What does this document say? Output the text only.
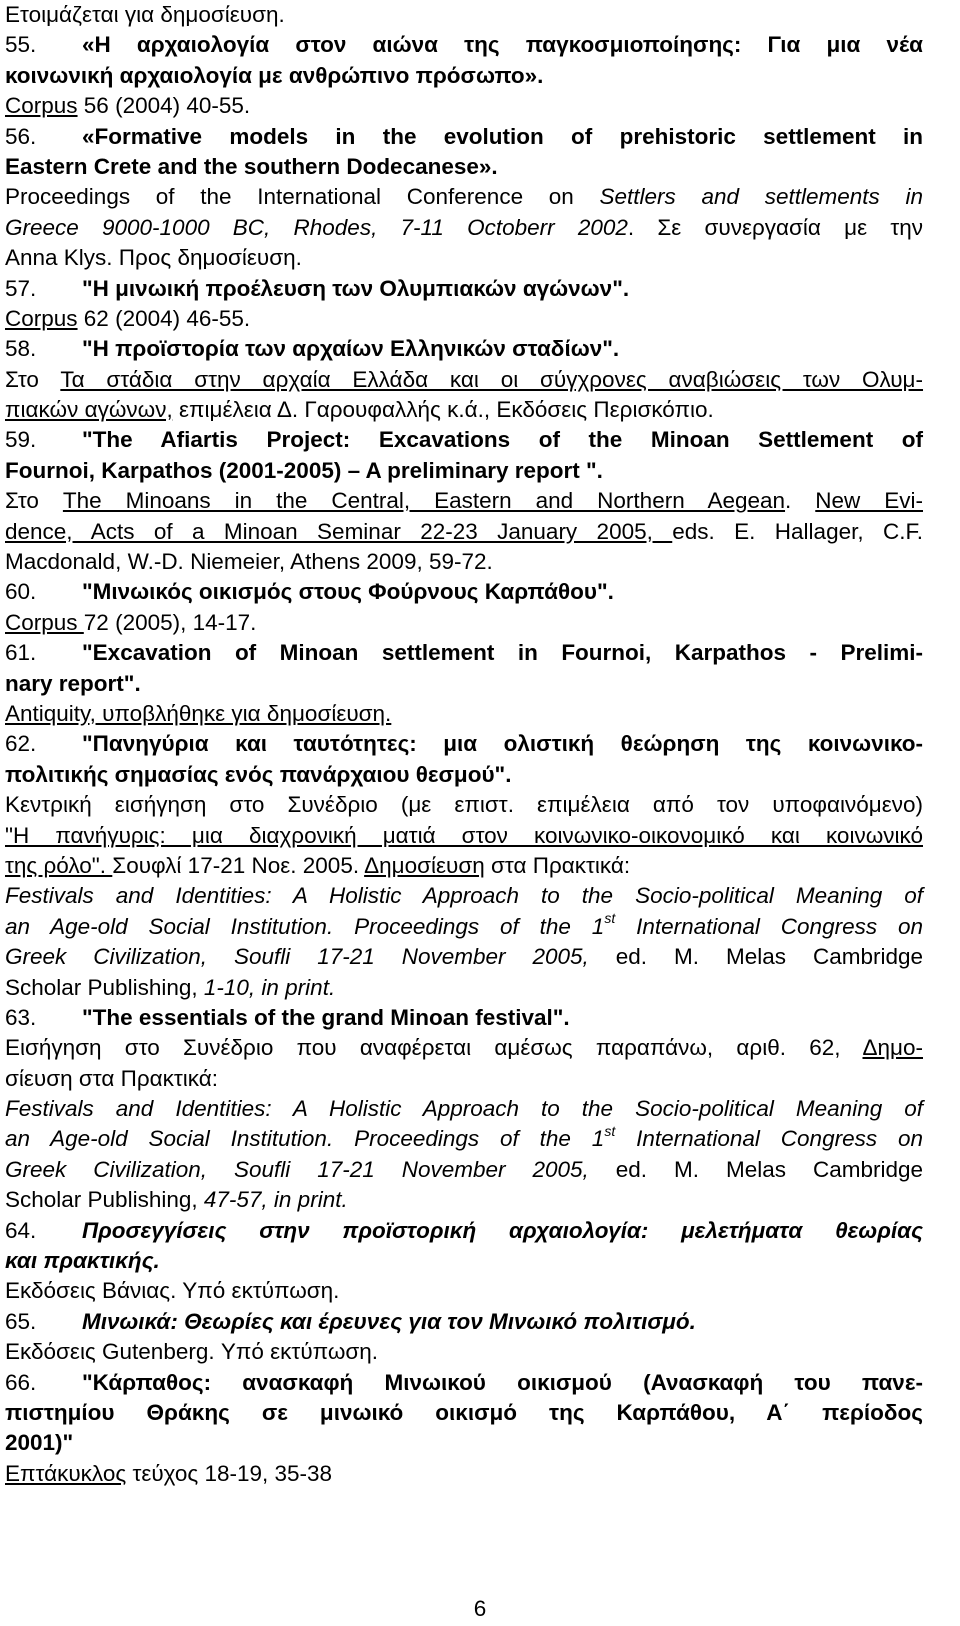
Ετοιμάζεται για δημοσίευση.
55. «Η αρχαιολογία στον αιώνα της παγκοσμιοποίησης: Για μια νέα
κοινωνική αρχαιολογία με ανθρώπινο πρόσωπο».
Corpus 56 (2004) 40-55.
56. «Formative models in the evolution of prehistoric settlement in
Eastern Crete and the southern Dodecanese».
Proceedings of the International Conference on Settlers and settlements in
Greece 9000-1000 BC, Rhodes, 7-11 Octoberr 2002. Σε συνεργασία με την
Anna Klys. Προς δημοσίευση.
57. "Η μινωική προέλευση των Ολυμπιακών αγώνων".
Corpus 62 (2004) 46-55.
58. "Η προϊστορία των αρχαίων Ελληνικών σταδίων".
Στο Τα στάδια στην αρχαία Ελλάδα και οι σύγχρονες αναβιώσεις των Ολυμ-
πιακών αγώνων, επιμέλεια Δ. Γαρουφαλλής κ.ά., Εκδόσεις Περισκόπιο.
59. "The Afiartis Project: Excavations of the Minoan Settlement of
Fournoi, Karpathos (2001-2005) – A preliminary report ".
Στο The Minoans in the Central, Eastern and Northern Aegean. New Evi-
dence, Acts of a Minoan Seminar 22-23 January 2005, eds. E. Hallager, C.F.
Macdonald, W.-D. Niemeier, Athens 2009, 59-72.
60. "Μινωικός οικισμός στους Φούρνους Καρπάθου".
Corpus 72 (2005), 14-17.
61. "Excavation of Minoan settlement in Fournoi, Karpathos - Prelimi-
nary report".
Antiquity, υποβλήθηκε για δημοσίευση.
62. "Πανηγύρια και ταυτότητες: μια ολιστική θεώρηση της κοινωνικο-
πολιτικής σημασίας ενός πανάρχαιου θεσμού".
Κεντρική εισήγηση στο Συνέδριο (με επιστ. επιμέλεια από τον υποφαινόμενο)
"Η πανήγυρις: μια διαχρονική ματιά στον κοινωνικο-οικονομικό και κοινωνικό
της ρόλο". Σουφλί 17-21 Νοε. 2005. Δημοσίευση στα Πρακτικά:
Festivals and Identities: A Holistic Approach to the Socio-political Meaning of
an Age-old Social Institution. Proceedings of the 1st International Congress on
Greek Civilization, Soufli 17-21 November 2005, ed. M. Melas Cambridge
Scholar Publishing, 1-10, in print.
63. "The essentials of the grand Minoan festival".
Εισήγηση στο Συνέδριο που αναφέρεται αμέσως παραπάνω, αριθ. 62, Δημο-
σίευση στα Πρακτικά:
Festivals and Identities: A Holistic Approach to the Socio-political Meaning of
an Age-old Social Institution. Proceedings of the 1st International Congress on
Greek Civilization, Soufli 17-21 November 2005, ed. M. Melas Cambridge
Scholar Publishing, 47-57, in print.
64. Προσεγγίσεις στην προϊστορική αρχαιολογία: μελετήματα θεωρίας
και πρακτικής.
Εκδόσεις Βάνιας. Υπό εκτύπωση.
65. Μινωικά: Θεωρίες και έρευνες για τον Μινωικό πολιτισμό.
Εκδόσεις Gutenberg. Υπό εκτύπωση.
66. "Κάρπαθος: ανασκαφή Μινωικού οικισμού (Ανασκαφή του πανε-
πιστημίου Θράκης σε μινωικό οικισμό της Καρπάθου, Α΄ περίοδος
2001)"
Επτάκυκλος τεύχος 18-19, 35-38
6
